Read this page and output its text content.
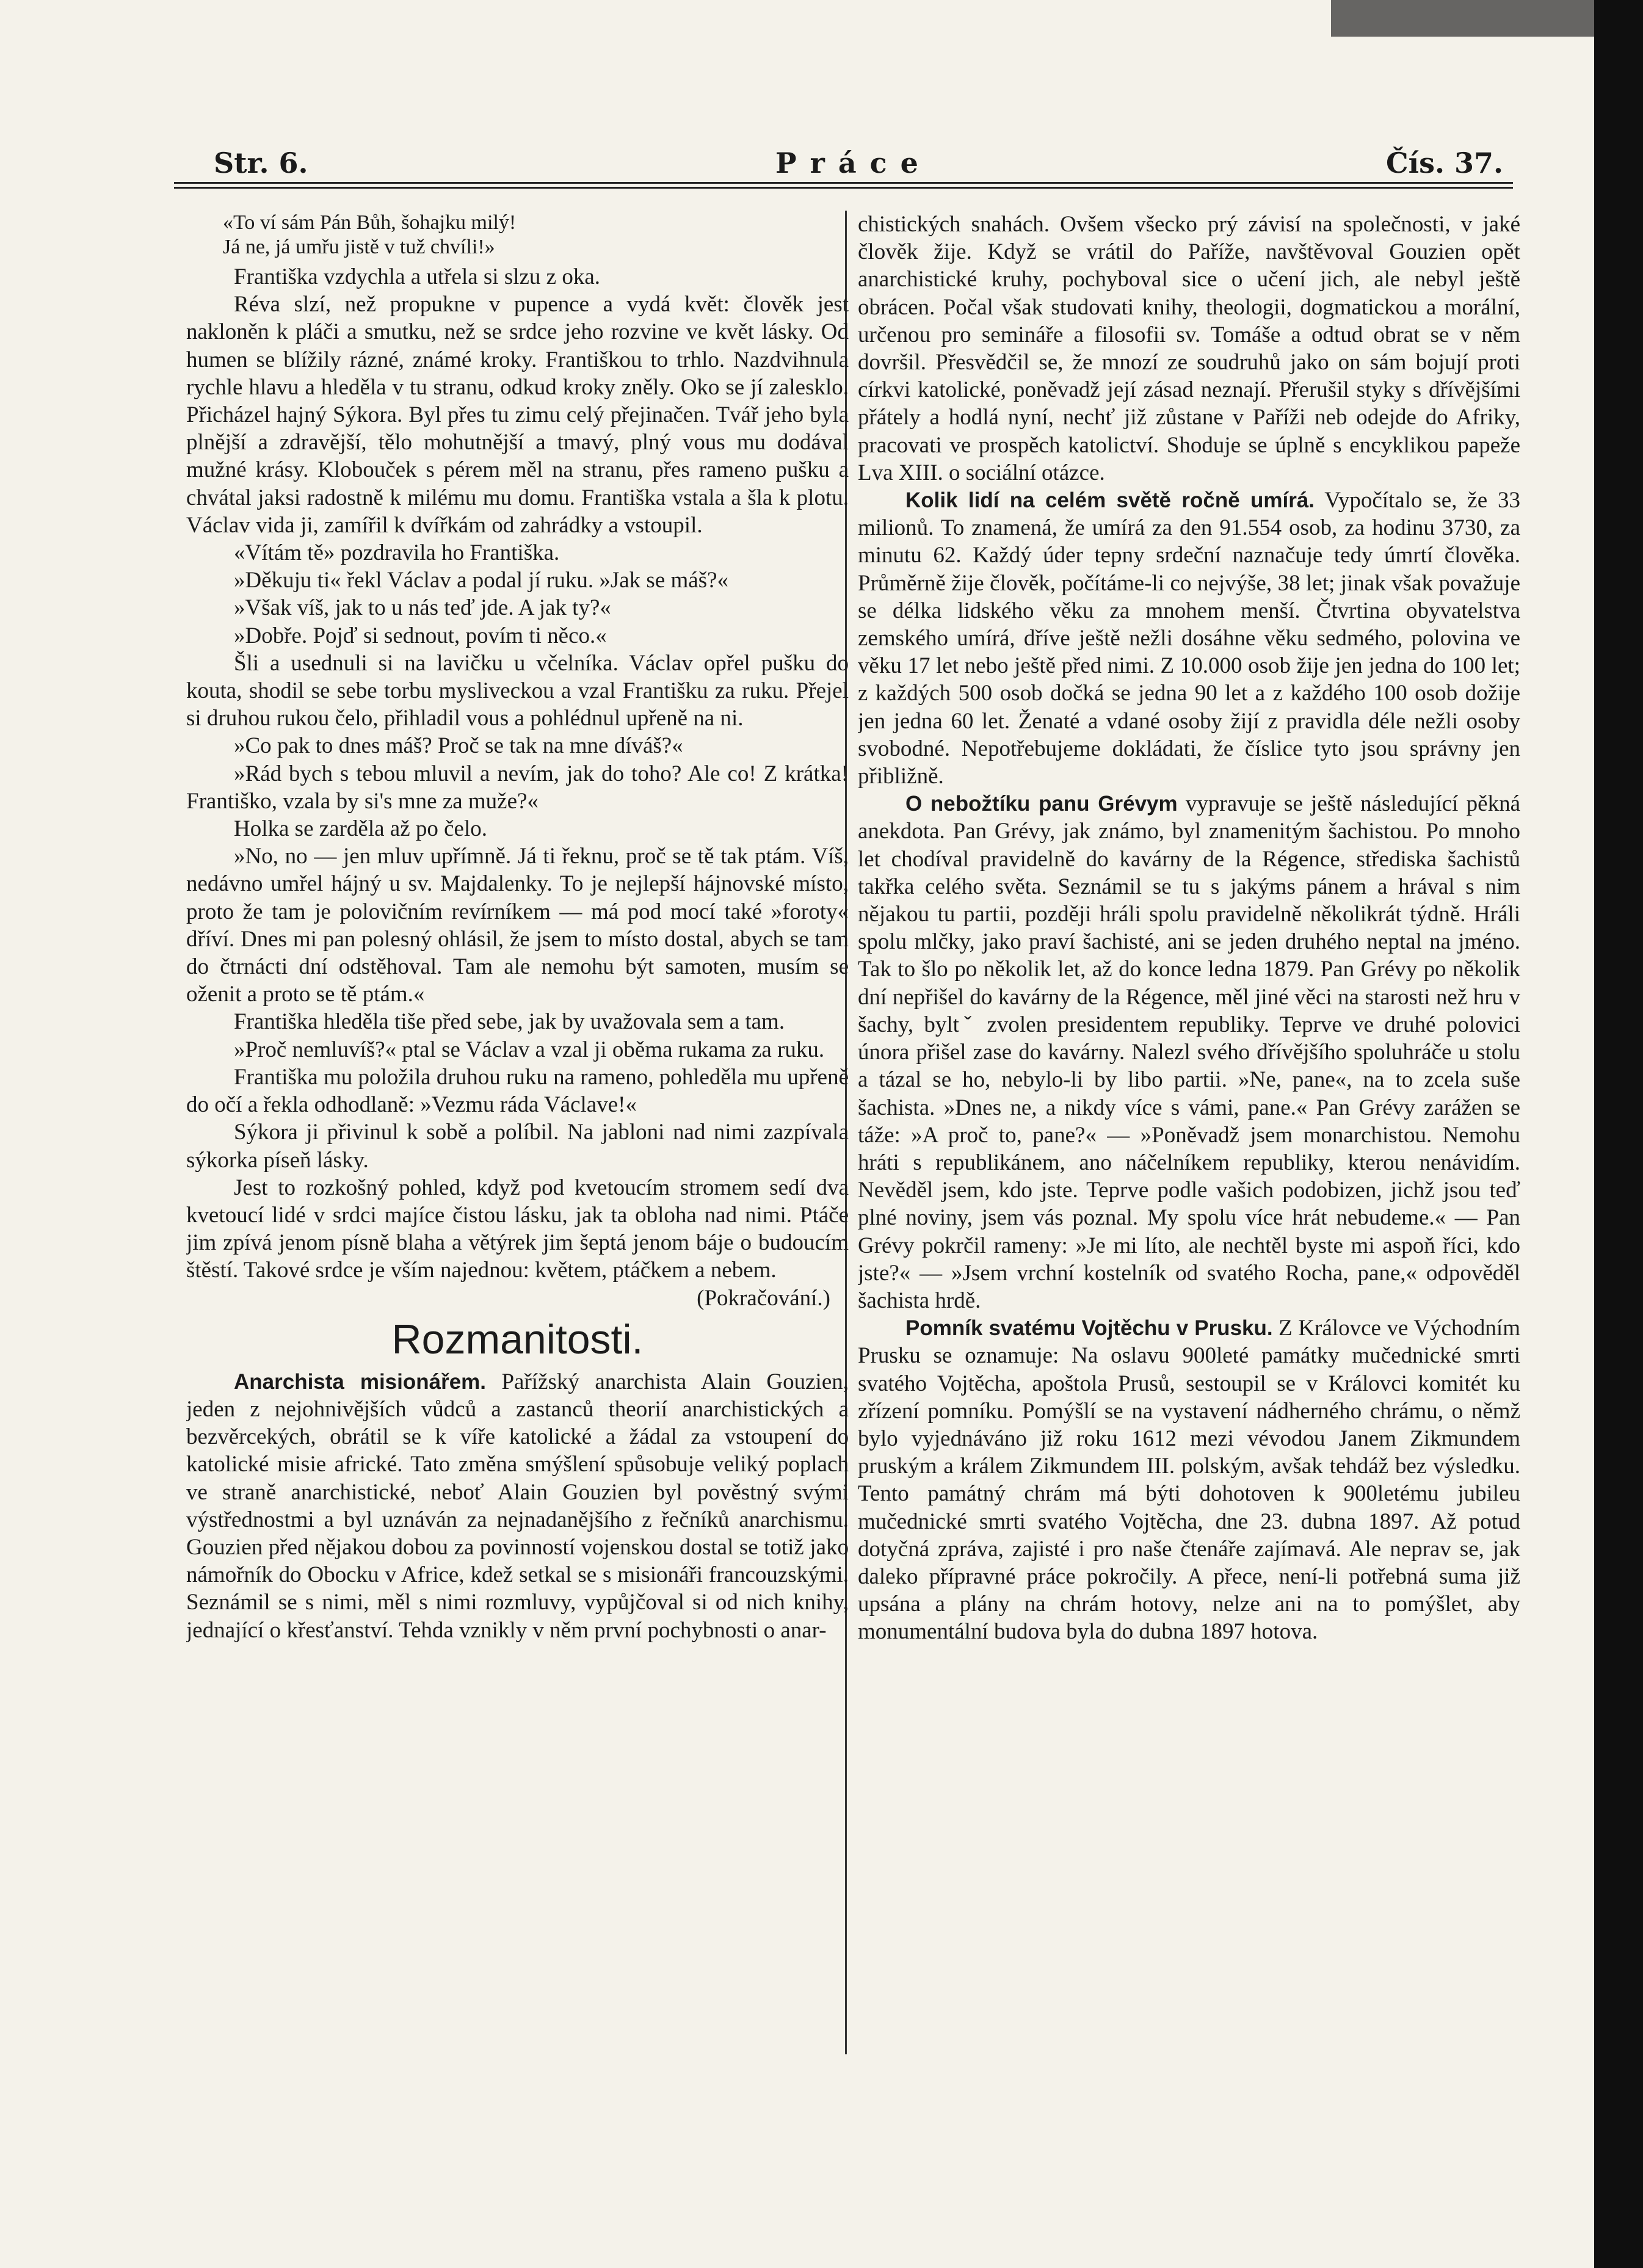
Str. 6.	Práce	Čís. 37.

«To ví sám Pán Bůh, šohajku milý!

Já ne, já umřu jistě v tuž chvíli!»

Františka vzdychla a utřela si slzu z oka.

Réva slzí, než propukne v pupence a vydá květ: člověk jest nakloněn k pláči a smutku, než se srdce jeho rozvine ve květ lásky. Od humen se blížily rázné, známé kroky. Františkou to trhlo. Nazdvihnula rychle hlavu a hleděla v tu stranu, odkud kroky zněly. Oko se jí zalesklo. Přicházel hajný Sýkora. Byl přes tu zimu celý přejinačen. Tvář jeho byla plnější a zdravější, tělo mohutnější a tmavý, plný vous mu dodával mužné krásy. Klobouček s pérem měl na stranu, přes rameno pušku a chvátal jaksi radostně k milému mu domu. Františka vstala a šla k plotu. Václav vida ji, zamířil k dvířkám od zahrádky a vstoupil.

«Vítám tě» pozdravila ho Františka.

»Děkuju ti« řekl Václav a podal jí ruku. »Jak se máš?«

»Však víš, jak to u nás teď jde. A jak ty?«

»Dobře. Pojď si sednout, povím ti něco.«

Šli a usednuli si na lavičku u včelníka. Václav opřel pušku do kouta, shodil se sebe torbu mysliveckou a vzal Františku za ruku. Přejel si druhou rukou čelo, přihladil vous a pohlédnul upřeně na ni.

»Co pak to dnes máš? Proč se tak na mne díváš?«

»Rád bych s tebou mluvil a nevím, jak do toho? Ale co! Z krátka! Františko, vzala by si's mne za muže?«

Holka se zarděla až po čelo.

»No, no — jen mluv upřímně. Já ti řeknu, proč se tě tak ptám. Víš, nedávno umřel hájný u sv. Majdalenky. To je nejlepší hájnovské místo, proto že tam je polovičním revírníkem — má pod mocí také »foroty« dříví. Dnes mi pan polesný ohlásil, že jsem to místo dostal, abych se tam do čtrnácti dní odstěhoval. Tam ale nemohu být samoten, musím se oženit a proto se tě ptám.«

Františka hleděla tiše před sebe, jak by uvažovala sem a tam.

»Proč nemluvíš?« ptal se Václav a vzal ji oběma rukama za ruku.

Františka mu položila druhou ruku na rameno, pohleděla mu upřeně do očí a řekla odhodlaně: »Vezmu ráda Václave!«

Sýkora ji přivinul k sobě a políbil. Na jabloni nad nimi zazpívala sýkorka píseň lásky.

Jest to rozkošný pohled, když pod kvetoucím stromem sedí dva kvetoucí lidé v srdci majíce čistou lásku, jak ta obloha nad nimi. Ptáče jim zpívá jenom písně blaha a větýrek jim šeptá jenom báje o budoucím štěstí. Takové srdce je vším najednou: květem, ptáčkem a nebem.

(Pokračování.)

Rozmanitosti.

Anarchista misionářem. Pařížský anarchista Alain Gouzien, jeden z nejohnivějších vůdců a zastanců theorií anarchistických a bezvěrcekých, obrátil se k víře katolické a žádal za vstoupení do katolické misie africké. Tato změna smýšlení spůsobuje veliký poplach ve straně anarchistické, neboť Alain Gouzien byl pověstný svými výstřednostmi a byl uznáván za nejnadanějšího z řečníků anarchismu. Gouzien před nějakou dobou za povinností vojenskou dostal se totiž jako námořník do Obocku v Africe, kdež setkal se s misionáři francouzskými. Seznámil se s nimi, měl s nimi rozmluvy, vypůjčoval si od nich knihy, jednající o křesťanství. Tehda vznikly v něm první pochybnosti o anar-

chistických snahách. Ovšem všecko prý závisí na společnosti, v jaké člověk žije. Když se vrátil do Paříže, navštěvoval Gouzien opět anarchistické kruhy, pochyboval sice o učení jich, ale nebyl ještě obrácen. Počal však studovati knihy, theologii, dogmatickou a morální, určenou pro semináře a filosofii sv. Tomáše a odtud obrat se v něm dovršil. Přesvědčil se, že mnozí ze soudruhů jako on sám bojují proti církvi katolické, poněvadž její zásad neznají. Přerušil styky s dřívějšími přátely a hodlá nyní, nechť již zůstane v Paříži neb odejde do Afriky, pracovati ve prospěch katolictví. Shoduje se úplně s encyklikou papeže Lva XIII. o sociální otázce.

Kolik lidí na celém světě ročně umírá. Vypočítalo se, že 33 milionů. To znamená, že umírá za den 91.554 osob, za hodinu 3730, za minutu 62. Každý úder tepny srdeční naznačuje tedy úmrtí člověka. Průměrně žije člověk, počítáme-li co nejvýše, 38 let; jinak však považuje se délka lidského věku za mnohem menší. Čtvrtina obyvatelstva zemského umírá, dříve ještě nežli dosáhne věku sedmého, polovina ve věku 17 let nebo ještě před nimi. Z 10.000 osob žije jen jedna do 100 let; z každých 500 osob dočká se jedna 90 let a z každého 100 osob dožije jen jedna 60 let. Ženaté a vdané osoby žijí z pravidla déle nežli osoby svobodné. Nepotřebujeme dokládati, že číslice tyto jsou správny jen přibližně.

O nebožtíku panu Grévym vypravuje se ještě následující pěkná anekdota. Pan Grévy, jak známo, byl znamenitým šachistou. Po mnoho let chodíval pravidelně do kavárny de la Régence, střediska šachistů takřka celého světa. Seznámil se tu s jakýms pánem a hrával s nim nějakou tu partii, později hráli spolu pravidelně několikrát týdně. Hráli spolu mlčky, jako praví šachisté, ani se jeden druhého neptal na jméno. Tak to šlo po několik let, až do konce ledna 1879. Pan Grévy po několik dní nepřišel do kavárny de la Régence, měl jiné věci na starosti než hru v šachy, byltˇ zvolen presidentem republiky. Teprve ve druhé polovici února přišel zase do kavárny. Nalezl svého dřívějšího spoluhráče u stolu a tázal se ho, nebylo-li by libo partii. »Ne, pane«, na to zcela suše šachista. »Dnes ne, a nikdy více s vámi, pane.« Pan Grévy zarážen se táže: »A proč to, pane?« — »Poněvadž jsem monarchistou. Nemohu hráti s republikánem, ano náčelníkem republiky, kterou nenávidím. Nevěděl jsem, kdo jste. Teprve podle vašich podobizen, jichž jsou teď plné noviny, jsem vás poznal. My spolu více hrát nebudeme.« — Pan Grévy pokrčil rameny: »Je mi líto, ale nechtěl byste mi aspoň říci, kdo jste?« — »Jsem vrchní kostelník od svatého Rocha, pane,« odpověděl šachista hrdě.

Pomník svatému Vojtěchu v Prusku. Z Královce ve Východním Prusku se oznamuje: Na oslavu 900leté památky mučednické smrti svatého Vojtěcha, apoštola Prusů, sestoupil se v Královci komitét ku zřízení pomníku. Pomýšlí se na vystavení nádherného chrámu, o němž bylo vyjednáváno již roku 1612 mezi vévodou Janem Zikmundem pruským a králem Zikmundem III. polským, avšak tehdáž bez výsledku. Tento památný chrám má býti dohotoven k 900letému jubileu mučednické smrti svatého Vojtěcha, dne 23. dubna 1897. Až potud dotyčná zpráva, zajisté i pro naše čtenáře zajímavá. Ale neprav se, jak daleko přípravné práce pokročily. A přece, není-li potřebná suma již upsána a plány na chrám hotovy, nelze ani na to pomýšlet, aby monumentální budova byla do dubna 1897 hotova.
